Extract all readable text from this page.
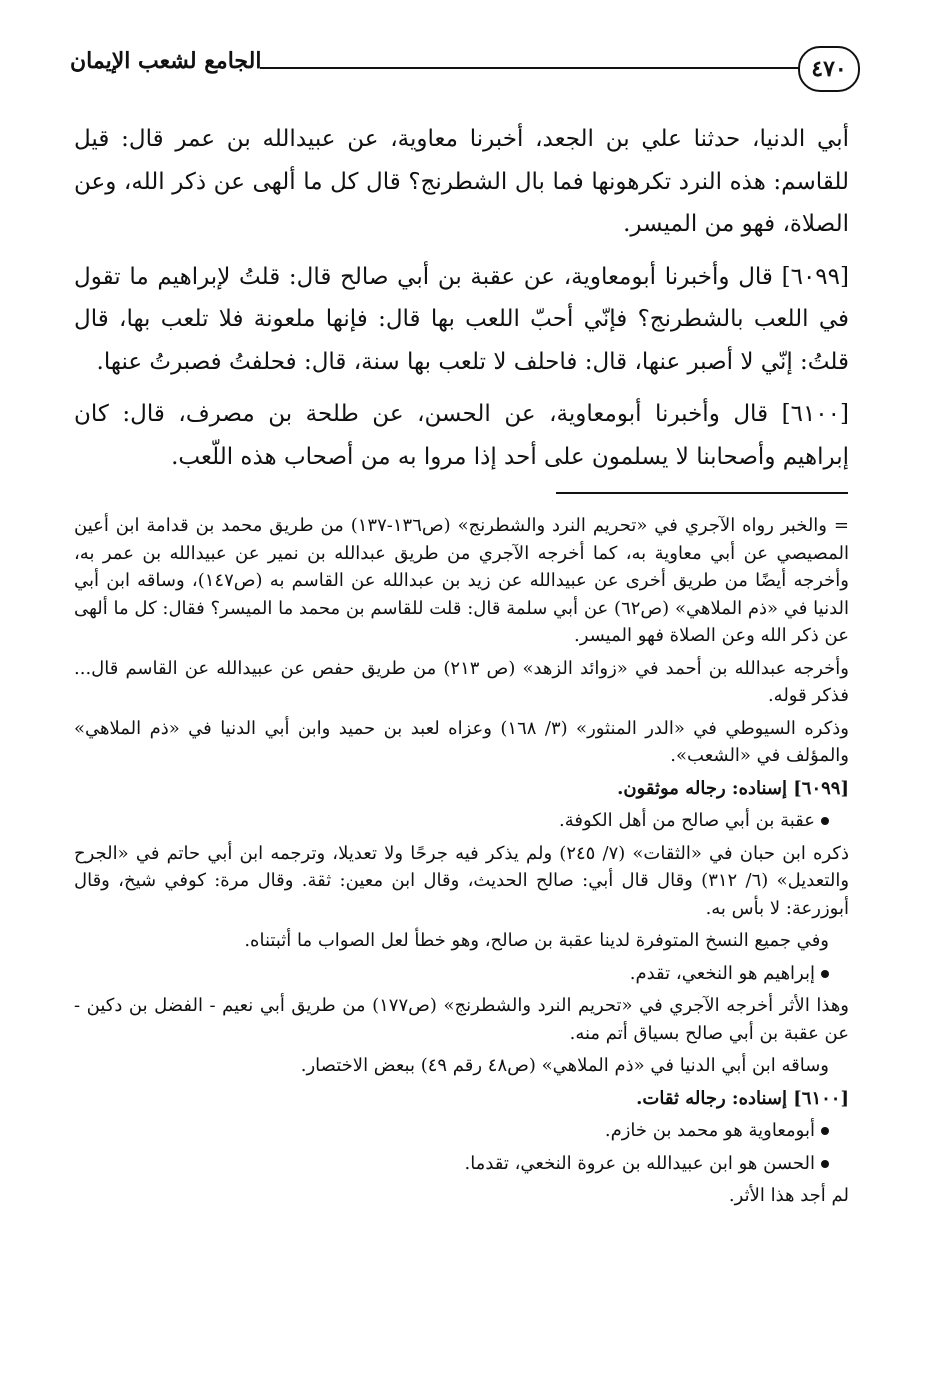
٤٧٠
الجامع لشعب الإيمان

أبي الدنيا، حدثنا علي بن الجعد، أخبرنا معاوية، عن عبيدالله بن عمر قال: قيل للقاسم: هذه النرد تكرهونها فما بال الشطرنج؟ قال كل ما ألهى عن ذكر الله، وعن الصلاة، فهو من الميسر.

[٦٠٩٩] قال وأخبرنا أبومعاوية، عن عقبة بن أبي صالح قال: قلتُ لإبراهيم ما تقول في اللعب بالشطرنج؟ فإنّي أحبّ اللعب بها قال: فإنها ملعونة فلا تلعب بها، قال قلتُ: إنّي لا أصبر عنها، قال: فاحلف لا تلعب بها سنة، قال: فحلفتُ فصبرتُ عنها.

[٦١٠٠] قال وأخبرنا أبومعاوية، عن الحسن، عن طلحة بن مصرف، قال: كان إبراهيم وأصحابنا لا يسلمون على أحد إذا مروا به من أصحاب هذه اللّعب.

= والخبر رواه الآجري في «تحريم النرد والشطرنج» (ص١٣٦-١٣٧) من طريق محمد بن قدامة ابن أعين المصيصي عن أبي معاوية به، كما أخرجه الآجري من طريق عبدالله بن نمير عن عبيدالله بن عمر به، وأخرجه أيضًا من طريق أخرى عن عبيدالله عن زيد بن عبدالله عن القاسم به (ص١٤٧)، وساقه ابن أبي الدنيا في «ذم الملاهي» (ص٦٢) عن أبي سلمة قال: قلت للقاسم بن محمد ما الميسر؟ فقال: كل ما ألهى عن ذكر الله وعن الصلاة فهو الميسر.

وأخرجه عبدالله بن أحمد في «زوائد الزهد» (ص ٢١٣) من طريق حفص عن عبيدالله عن القاسم قال... فذكر قوله.

وذكره السيوطي في «الدر المنثور» (٣/ ١٦٨) وعزاه لعبد بن حميد وابن أبي الدنيا في «ذم الملاهي» والمؤلف في «الشعب».

[٦٠٩٩] إسناده: رجاله موثقون.

عقبة بن أبي صالح من أهل الكوفة.

ذكره ابن حبان في «الثقات» (٧/ ٢٤٥) ولم يذكر فيه جرحًا ولا تعديلا، وترجمه ابن أبي حاتم في «الجرح والتعديل» (٦/ ٣١٢) وقال قال أبي: صالح الحديث، وقال ابن معين: ثقة. وقال مرة: كوفي شيخ، وقال أبوزرعة: لا بأس به.

وفي جميع النسخ المتوفرة لدينا عقبة بن صالح، وهو خطأ لعل الصواب ما أثبتناه.

إبراهيم هو النخعي، تقدم.

وهذا الأثر أخرجه الآجري في «تحريم النرد والشطرنج» (ص١٧٧) من طريق أبي نعيم - الفضل بن دكين - عن عقبة بن أبي صالح بسياق أتم منه.

وساقه ابن أبي الدنيا في «ذم الملاهي» (ص٤٨ رقم ٤٩) ببعض الاختصار.

[٦١٠٠] إسناده: رجاله ثقات.

أبومعاوية هو محمد بن خازم.

الحسن هو ابن عبيدالله بن عروة النخعي، تقدما.

لم أجد هذا الأثر.
